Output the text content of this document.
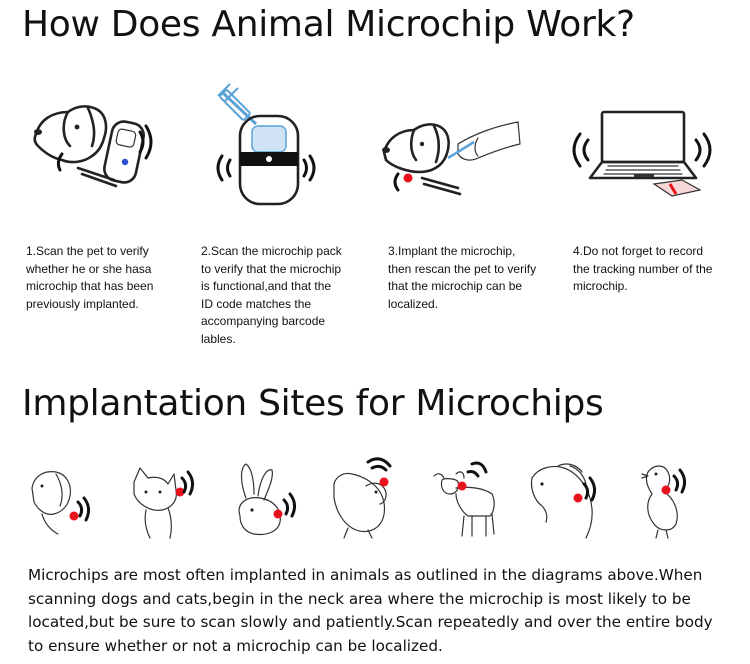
How Does Animal Microchip Work?
1.Scan the pet to verify
whether he or she hasa
microchip that has been
previously implanted.
2.Scan the microchip pack
to verify that the microchip
is functional,and that the
ID code matches the
accompanying barcode
lables.
3.Implant the microchip,
then rescan the pet to verify
that the microchip can be
localized.
4.Do not forget to record
the tracking number of the
microchip.
Implantation Sites for Microchips
Microchips are most often implanted in animals as outlined in the diagrams above.When scanning dogs and cats,begin in the neck area where the microchip is most likely to be located,but be sure to scan slowly and patiently.Scan repeatedly and over the entire body to ensure whether or not a microchip can be localized.
